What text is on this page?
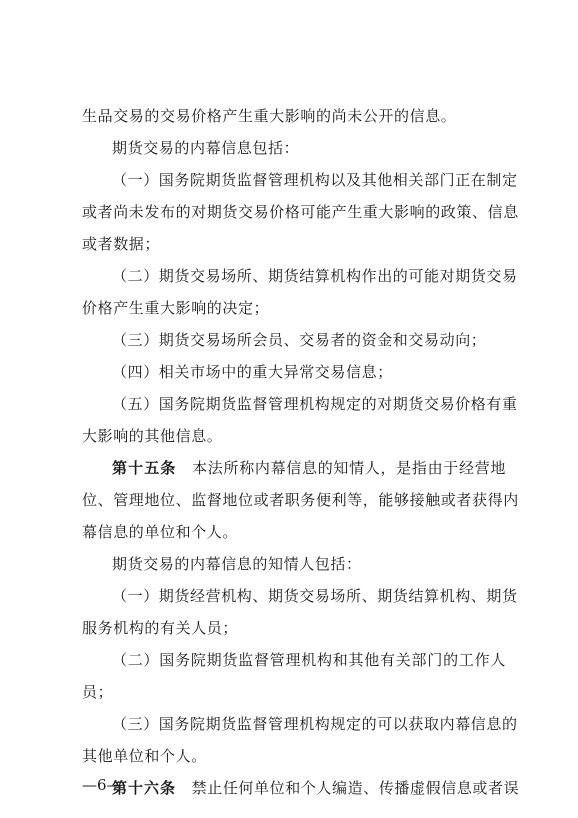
生品交易的交易价格产生重大影响的尚未公开的信息。
期货交易的内幕信息包括：
（一）国务院期货监督管理机构以及其他相关部门正在制定
或者尚未发布的对期货交易价格可能产生重大影响的政策、信息
或者数据；
（二）期货交易场所、期货结算机构作出的可能对期货交易
价格产生重大影响的决定；
（三）期货交易场所会员、交易者的资金和交易动向；
（四）相关市场中的重大异常交易信息；
（五）国务院期货监督管理机构规定的对期货交易价格有重
大影响的其他信息。
第十五条　本法所称内幕信息的知情人，是指由于经营地
位、管理地位、监督地位或者职务便利等，能够接触或者获得内
幕信息的单位和个人。
期货交易的内幕信息的知情人包括：
（一）期货经营机构、期货交易场所、期货结算机构、期货
服务机构的有关人员；
（二）国务院期货监督管理机构和其他有关部门的工作人
员；
（三）国务院期货监督管理机构规定的可以获取内幕信息的
其他单位和个人。
第十六条　禁止任何单位和个人编造、传播虚假信息或者误
—6—
